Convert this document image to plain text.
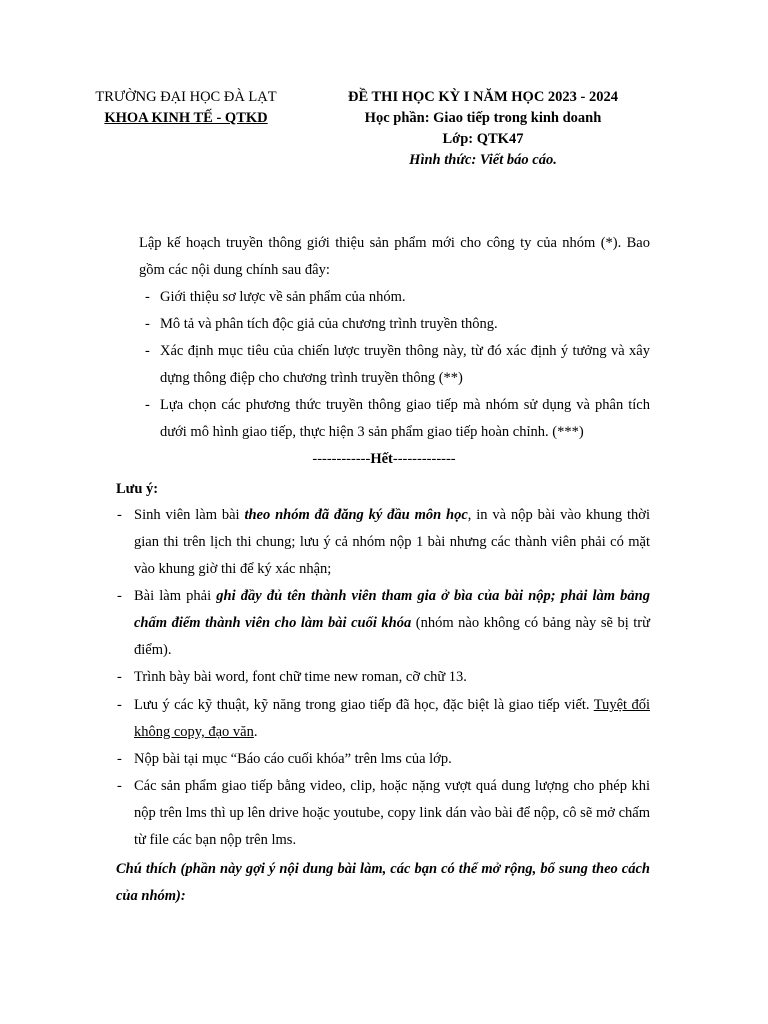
TRƯỜNG ĐẠI HỌC ĐÀ LẠT
KHOA KINH TẾ - QTKD
ĐỀ THI HỌC KỲ I NĂM HỌC 2023 - 2024
Học phần: Giao tiếp trong kinh doanh
Lớp: QTK47
Hình thức: Viết báo cáo.
Lập kế hoạch truyền thông giới thiệu sản phẩm mới cho công ty của nhóm (*). Bao gồm các nội dung chính sau đây:
- Giới thiệu sơ lược về sản phẩm của nhóm.
- Mô tả và phân tích độc giả của chương trình truyền thông.
- Xác định mục tiêu của chiến lược truyền thông này, từ đó xác định ý tưởng và xây dựng thông điệp cho chương trình truyền thông (**)
- Lựa chọn các phương thức truyền thông giao tiếp mà nhóm sử dụng và phân tích dưới mô hình giao tiếp, thực hiện 3 sản phẩm giao tiếp hoàn chỉnh. (***)
------------Hết-------------
Lưu ý:
- Sinh viên làm bài theo nhóm đã đăng ký đầu môn học, in và nộp bài vào khung thời gian thi trên lịch thi chung; lưu ý cả nhóm nộp 1 bài nhưng các thành viên phải có mặt vào khung giờ thi để ký xác nhận;
- Bài làm phải ghi đầy đủ tên thành viên tham gia ở bìa của bài nộp; phải làm bảng chấm điểm thành viên cho làm bài cuối khóa (nhóm nào không có bảng này sẽ bị trừ điểm).
- Trình bày bài word, font chữ time new roman, cỡ chữ 13.
- Lưu ý các kỹ thuật, kỹ năng trong giao tiếp đã học, đặc biệt là giao tiếp viết. Tuyệt đối không copy, đạo văn.
- Nộp bài tại mục “Báo cáo cuối khóa” trên lms của lớp.
- Các sản phẩm giao tiếp bằng video, clip, hoặc nặng vượt quá dung lượng cho phép khi nộp trên lms thì up lên drive hoặc youtube, copy link dán vào bài để nộp, cô sẽ mở chấm từ file các bạn nộp trên lms.
Chú thích (phần này gợi ý nội dung bài làm, các bạn có thể mở rộng, bổ sung theo cách của nhóm):
